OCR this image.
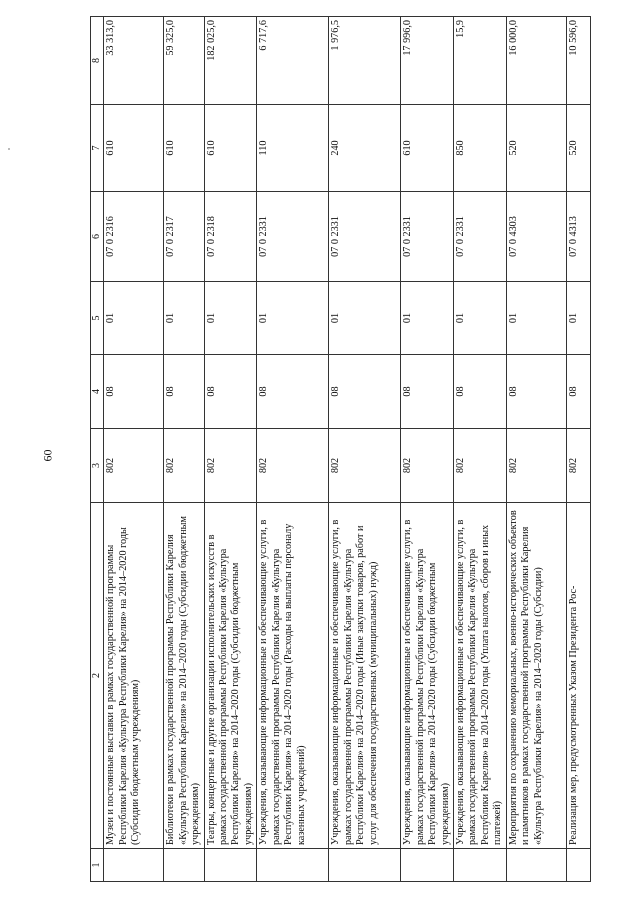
60
1	2	3	4	5	6	7	8
	Музеи и постоянные выставки в рамках государственной программы Республики Карелия «Культура Республики Карелия» на 2014–2020 годы (Субсидии бюджетным учреждениям)	802	08	01	07 0 2316	610	33 313,0
	Библиотеки в рамках государственной программы Республики Карелия «Культура Республики Карелия» на 2014–2020 годы (Субсидии бюджетным учреждениям)	802	08	01	07 0 2317	610	59 325,0
	Театры, концертные и другие организации исполнительских искусств в рамках государственной программы Республики Карелия «Культура Республики Карелия» на 2014–2020 годы (Субсидии бюджетным учреждениям)	802	08	01	07 0 2318	610	182 025,0
	Учреждения, оказывающие информационные и обеспечивающие услуги, в рамках государственной программы Республики Карелия «Культура Республики Карелия» на 2014–2020 годы (Расходы на выплаты персоналу казенных учреждений)	802	08	01	07 0 2331	110	6 717,6
	Учреждения, оказывающие информационные и обеспечивающие услуги, в рамках государственной программы Республики Карелия «Культура Республики Карелия» на 2014–2020 годы (Иные закупки товаров, работ и услуг для обеспечения государственных (муниципальных) нужд)	802	08	01	07 0 2331	240	1 976,5
	Учреждения, оказывающие информационные и обеспечивающие услуги, в рамках государственной программы Республики Карелия «Культура Республики Карелия» на 2014–2020 годы (Субсидии бюджетным учреждениям)	802	08	01	07 0 2331	610	17 996,0
	Учреждения, оказывающие информационные и обеспечивающие услуги, в рамках государственной программы Республики Карелия «Культура Республики Карелия» на 2014–2020 годы (Уплата налогов, сборов и иных платежей)	802	08	01	07 0 2331	850	15,9
	Мероприятия по сохранению мемориальных, военно-исторических объектов и памятников в рамках государственной программы Республики Карелия «Культура Республики Карелия» на 2014–2020 годы (Субсидии)	802	08	01	07 0 4303	520	16 000,0
	Реализация мер, предусмотренных Указом Президента Рос-	802	08	01	07 0 4313	520	10 596,0
